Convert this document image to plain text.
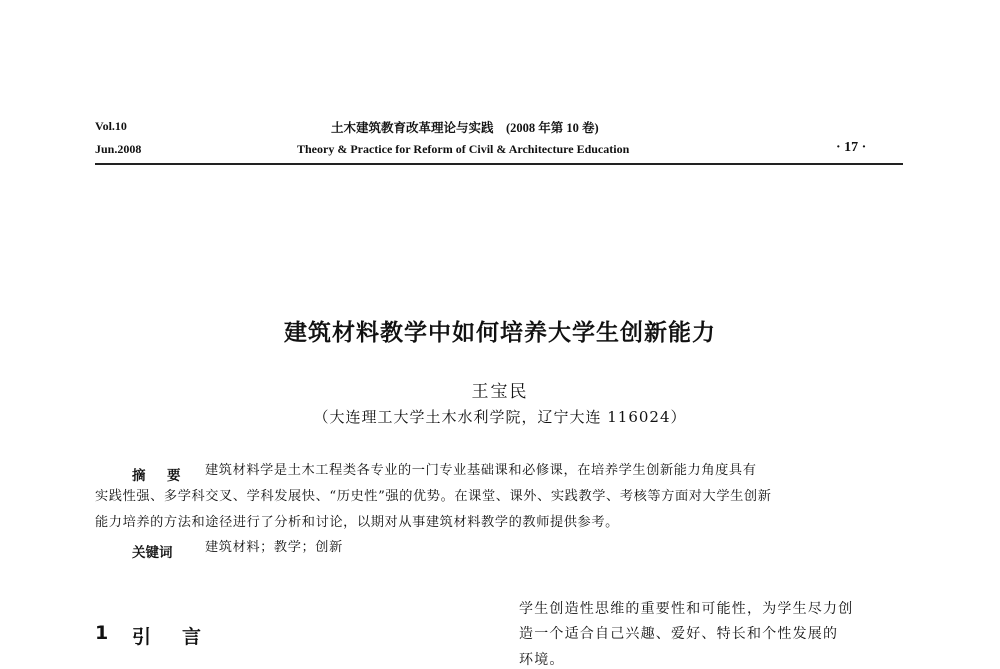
Vol.10
Jun.2008
土木建筑教育改革理论与实践　(2008 年第 10 卷)
Theory & Practice for Reform of Civil & Architecture Education	· 17 ·
建筑材料教学中如何培养大学生创新能力
王宝民
（大连理工大学土木水利学院，辽宁大连 116024）
摘　要 建筑材料学是土木工程类各专业的一门专业基础课和必修课，在培养学生创新能力角度具有
实践性强、多学科交叉、学科发展快、“历史性”强的优势。在课堂、课外、实践教学、考核等方面对大学生创新
能力培养的方法和途径进行了分析和讨论，以期对从事建筑材料教学的教师提供参考。
关键词 建筑材料；教学；创新
1 引　言
学生创造性思维的重要性和可能性，为学生尽力创
造一个适合自己兴趣、爱好、特长和个性发展的
环境。
